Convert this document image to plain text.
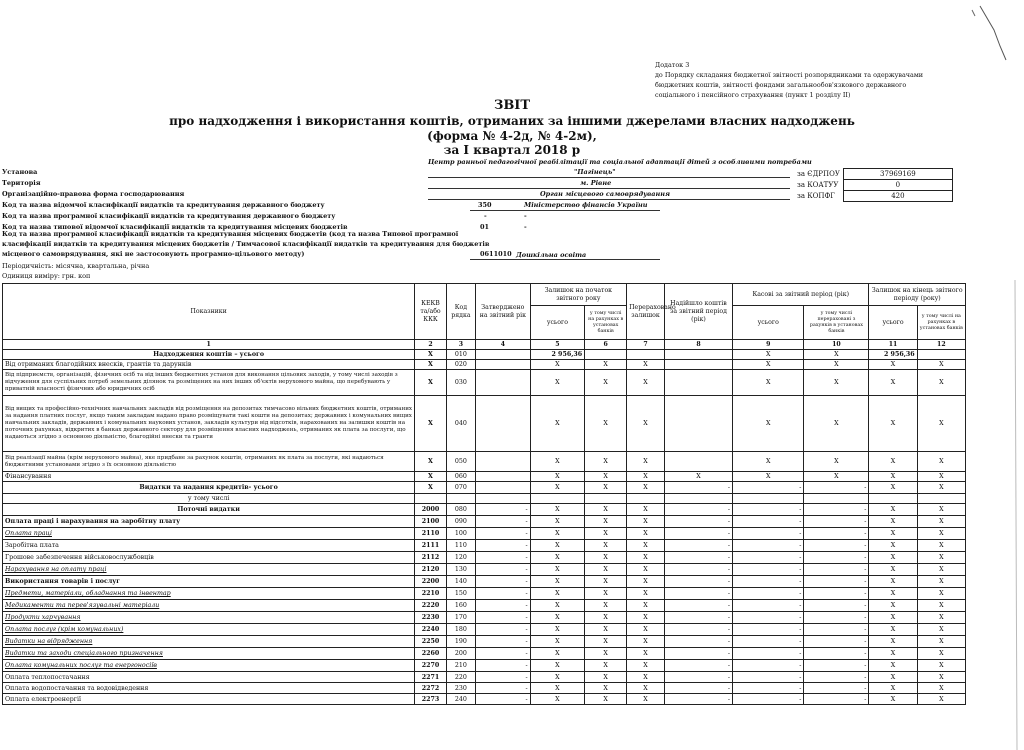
Додаток 3
до Порядку складання бюджетної звітності розпорядниками та одержувачами
бюджетних коштів, звітності фондами загальнообов'язкового державного
соціального і пенсійного страхування (пункт 1 розділу II)
ЗВІТ
про надходження і використання коштів, отриманих за іншими джерелами власних надходжень
(форма № 4-2д, № 4-2м),
за I квартал 2018 р
Центр ранньої педагогічної реабілітації та соціальної адаптації дітей з особливими потребами
"Пагінець"
Установа
Територія	м. Рівне
Організаційно-правова форма господарювання	Орган місцевого самоврядування
Код та назва відомчої класифікації видатків та кредитування державного бюджету	350	Міністерство фінансів України
Код та назва програмної класифікації видатків та кредитування державного бюджету	-	-
Код та назва типової відомчої класифікації видатків та кредитування місцевих бюджетів	01	-
Код та назва програмної класифікації видатків та кредитування місцевих бюджетів (код та назва Типової програмної
класифікації видатків та кредитування місцевих бюджетів / Тимчасової класифікації видатків та кредитування для бюджетів
місцевого самоврядування, які не застосовують програмно-цільового методу)	0611010 Дошкільна освіта
Періодичність: місячна, квартальна, річна
Одиниця виміру: грн. коп
за ЄДРПОУ	37969169
за КОАТУУ	0
за КОПФГ	420
Показники	КЕКВ та/або ККК	Код рядка	Затверджено на звітний рік	Залишок на початок звітного року		Перераховано залишок	Надійшло коштів за звітний період (рік)	Касові за звітний період (рік)		Залишок на кінець звітного періоду (року)	
				усього	у тому числі на рахунках в установах банків			усього	у тому числі перераховані з рахунків в установах банків	усього	у тому числі на рахунках в установах банків
1	2	3	4	5	6	7	8	9	10	11	12
Надходження коштів – усього	X	010		2 956,36				X	X	2 956,36	
Від отриманих благодійних внесків, грантів та дарунків	X	020		X	X	X		X	X	X	X
Від підприємств, організацій, фізичних осіб та від інших бюджетних установ для виконання цільових заходів, у тому числі заходів з відчуження для суспільних потреб земельних ділянок та розміщених на них інших об'єктів нерухомого майна, що перебувають у приватній власності фізичних або юридичних осіб	X	030		X	X	X		X	X	X	X
Від вищих та професійно-технічних навчальних закладів від розміщення на депозитах тимчасово вільних бюджетних коштів, отриманих за надання платних послуг, якщо таким закладам надано право розміщувати такі кошти на депозитах; державних і комунальних вищих навчальних закладів, державних і комунальних наукових установ, закладів культури від відсотків, нарахованих на залишки коштів на поточних рахунках, відкритих в банках державного сектору для розміщення власних надходжень, отриманих як плата за послуги, що надаються згідно з основною діяльністю, благодійні внески та гранти	X	040		X	X	X		X	X	X	X
Від реалізації майна (крім нерухомого майна), яке придбане за рахунок коштів, отриманих як плата за послуги, які надаються бюджетними установами згідно з їх основною діяльністю	X	050		X	X	X		X	X	X	X
Фінансування	X	060		X	X	X	X	X	X	X	X
Видатки та надання кредитів- усього	X	070		X	X	X	-	-	-	X	X
у тому числі											
Поточні видатки	2000	080	-	X	X	X	-	-	-	X	X
Оплата праці і нарахування на заробітну плату	2100	090	-	X	X	X	-	-	-	X	X
Оплата праці	2110	100	-	X	X	X	-	-	-	X	X
Заробітна плата	2111	110	-	X	X	X	-	-	-	X	X
Грошове забезпечення військовослужбовців	2112	120	-	X	X	X	-	-	-	X	X
Нарахування на оплату праці	2120	130	-	X	X	X	-	-	-	X	X
Використання товарів і послуг	2200	140	-	X	X	X	-	-	-	X	X
Предмети, матеріали, обладнання та інвентар	2210	150	-	X	X	X	-	-	-	X	X
Медикаменти та перев'язувальні матеріали	2220	160	-	X	X	X	-	-	-	X	X
Продукти харчування	2230	170	-	X	X	X	-	-	-	X	X
Оплата послуг (крім комунальних)	2240	180	-	X	X	X	-	-	-	X	X
Видатки на відрядження	2250	190	-	X	X	X	-	-	-	X	X
Видатки та заходи спеціального призначення	2260	200	-	X	X	X	-	-	-	X	X
Оплата комунальних послуг та енергоносіїв	2270	210	-	X	X	X	-	-	-	X	X
Оплата теплопостачання	2271	220	-	X	X	X	-	-	-	X	X
Оплата водопостачання та водовідведення	2272	230	-	X	X	X	-	-	-	X	X
Оплата електроенергії	2273	240	-	X	X	X	-	-	-	X	X
